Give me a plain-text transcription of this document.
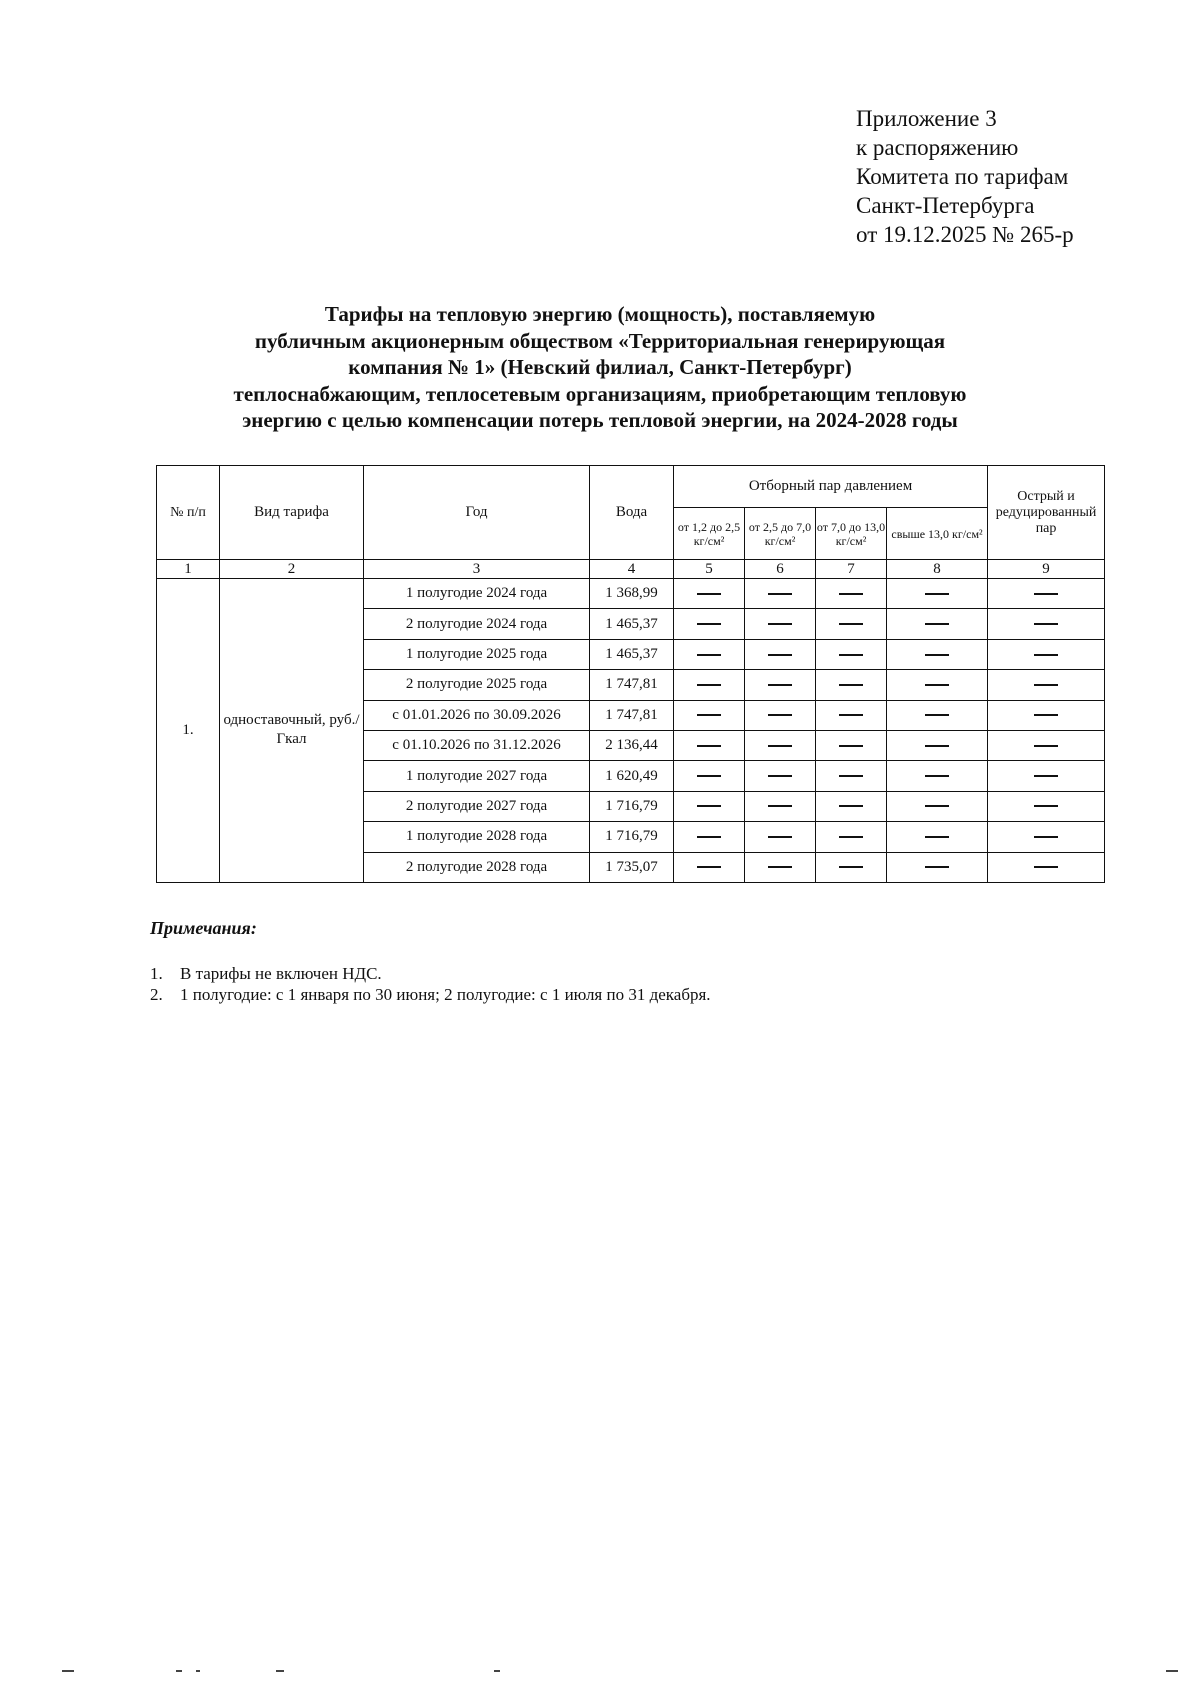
Приложение 3
к распоряжению
Комитета по тарифам
Санкт-Петербурга
от 19.12.2025 № 265-р
Тарифы на тепловую энергию (мощность), поставляемую
публичным акционерным обществом «Территориальная генерирующая
компания № 1» (Невский филиал, Санкт-Петербург)
теплоснабжающим, теплосетевым организациям, приобретающим тепловую
энергию с целью компенсации потерь тепловой энергии, на 2024-2028 годы
№ п/п	Вид тарифа	Год	Вода	Отборный пар давлением				Острый и редуцированный пар
				от 1,2 до 2,5 кг/см²	от 2,5 до 7,0 кг/см²	от 7,0 до 13,0 кг/см²	свыше 13,0 кг/см²	
1	2	3	4	5	6	7	8	9
1.	одноставочный, руб./Гкал	1 полугодие 2024 года	1 368,99					
		2 полугодие 2024 года	1 465,37					
		1 полугодие 2025 года	1 465,37					
		2 полугодие 2025 года	1 747,81					
		с 01.01.2026 по 30.09.2026	1 747,81					
		с 01.10.2026 по 31.12.2026	2 136,44					
		1 полугодие 2027 года	1 620,49					
		2 полугодие 2027 года	1 716,79					
		1 полугодие 2028 года	1 716,79					
		2 полугодие 2028 года	1 735,07					
Примечания:
1.	В тарифы не включен НДС.
2.	1 полугодие: с 1 января по 30 июня; 2 полугодие: с 1 июля по 31 декабря.
